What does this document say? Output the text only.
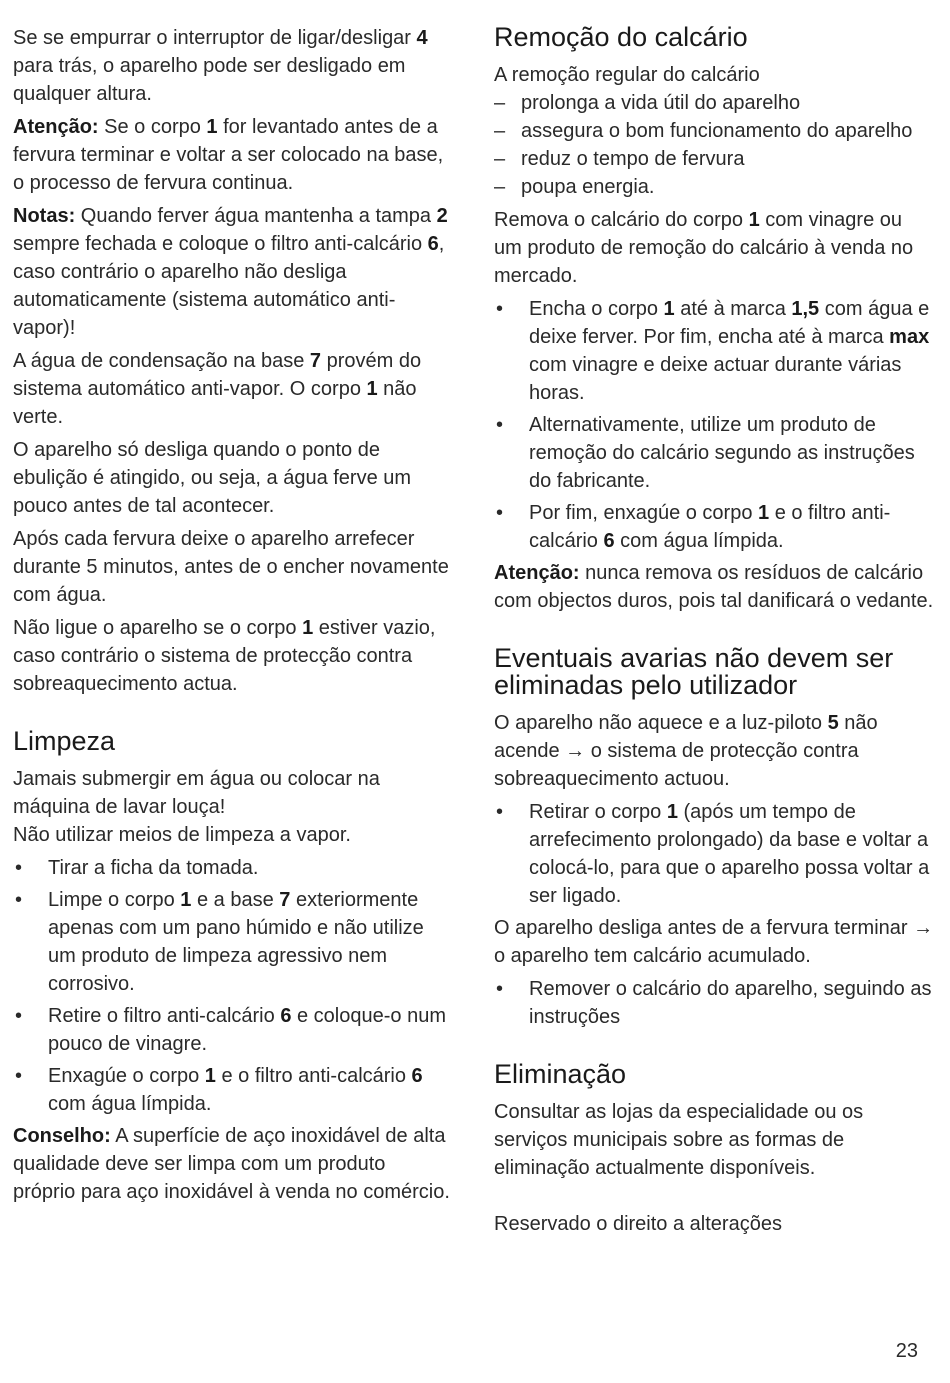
Se se empurrar o interruptor de ligar/desligar 4 para trás, o aparelho pode ser desligado em qualquer altura.

Atenção: Se o corpo 1 for levantado antes de a fervura terminar e voltar a ser colocado na base, o processo de fervura continua.

Notas: Quando ferver água mantenha a tampa 2 sempre fechada e coloque o filtro anti-calcário 6, caso contrário o aparelho não desliga automaticamente (sistema automático anti-vapor)!

A água de condensação na base 7 provém do sistema automático anti-vapor. O corpo 1 não verte.

O aparelho só desliga quando o ponto de ebulição é atingido, ou seja, a água ferve um pouco antes de tal acontecer.

Após cada fervura deixe o aparelho arrefecer durante 5 minutos, antes de o encher novamente com água.

Não ligue o aparelho se o corpo 1 estiver vazio, caso contrário o sistema de protecção contra sobreaquecimento actua.

Limpeza

Jamais submergir em água ou colocar na máquina de lavar louça!

Não utilizar meios de limpeza a vapor.

• Tirar a ficha da tomada.
• Limpe o corpo 1 e a base 7 exteriormente apenas com um pano húmido e não utilize um produto de limpeza agressivo nem corrosivo.
• Retire o filtro anti-calcário 6 e coloque-o num pouco de vinagre.
• Enxagúe o corpo 1 e o filtro anti-calcário 6 com água límpida.

Conselho: A superfície de aço inoxidável de alta qualidade deve ser limpa com um produto próprio para aço inoxidável à venda no comércio.

Remoção do calcário

A remoção regular do calcário

– prolonga a vida útil do aparelho
– assegura o bom funcionamento do aparelho
– reduz o tempo de fervura
– poupa energia.

Remova o calcário do corpo 1 com vinagre ou um produto de remoção do calcário à venda no mercado.

• Encha o corpo 1 até à marca 1,5 com água e deixe ferver. Por fim, encha até à marca max com vinagre e deixe actuar durante várias horas.
• Alternativamente, utilize um produto de remoção do calcário segundo as instruções do fabricante.
• Por fim, enxagúe o corpo 1 e o filtro anti-calcário 6 com água límpida.

Atenção: nunca remova os resíduos de calcário com objectos duros, pois tal danificará o vedante.

Eventuais avarias não devem ser eliminadas pelo utilizador

O aparelho não aquece e a luz-piloto 5 não acende → o sistema de protecção contra sobreaquecimento actuou.

• Retirar o corpo 1 (após um tempo de arrefecimento prolongado) da base e voltar a colocá-lo, para que o aparelho possa voltar a ser ligado.

O aparelho desliga antes de a fervura terminar → o aparelho tem calcário acumulado.

• Remover o calcário do aparelho, seguindo as instruções
Eliminação

Consultar as lojas da especialidade ou os serviços municipais sobre as formas de eliminação actualmente disponíveis.

Reservado o direito a alterações

23
